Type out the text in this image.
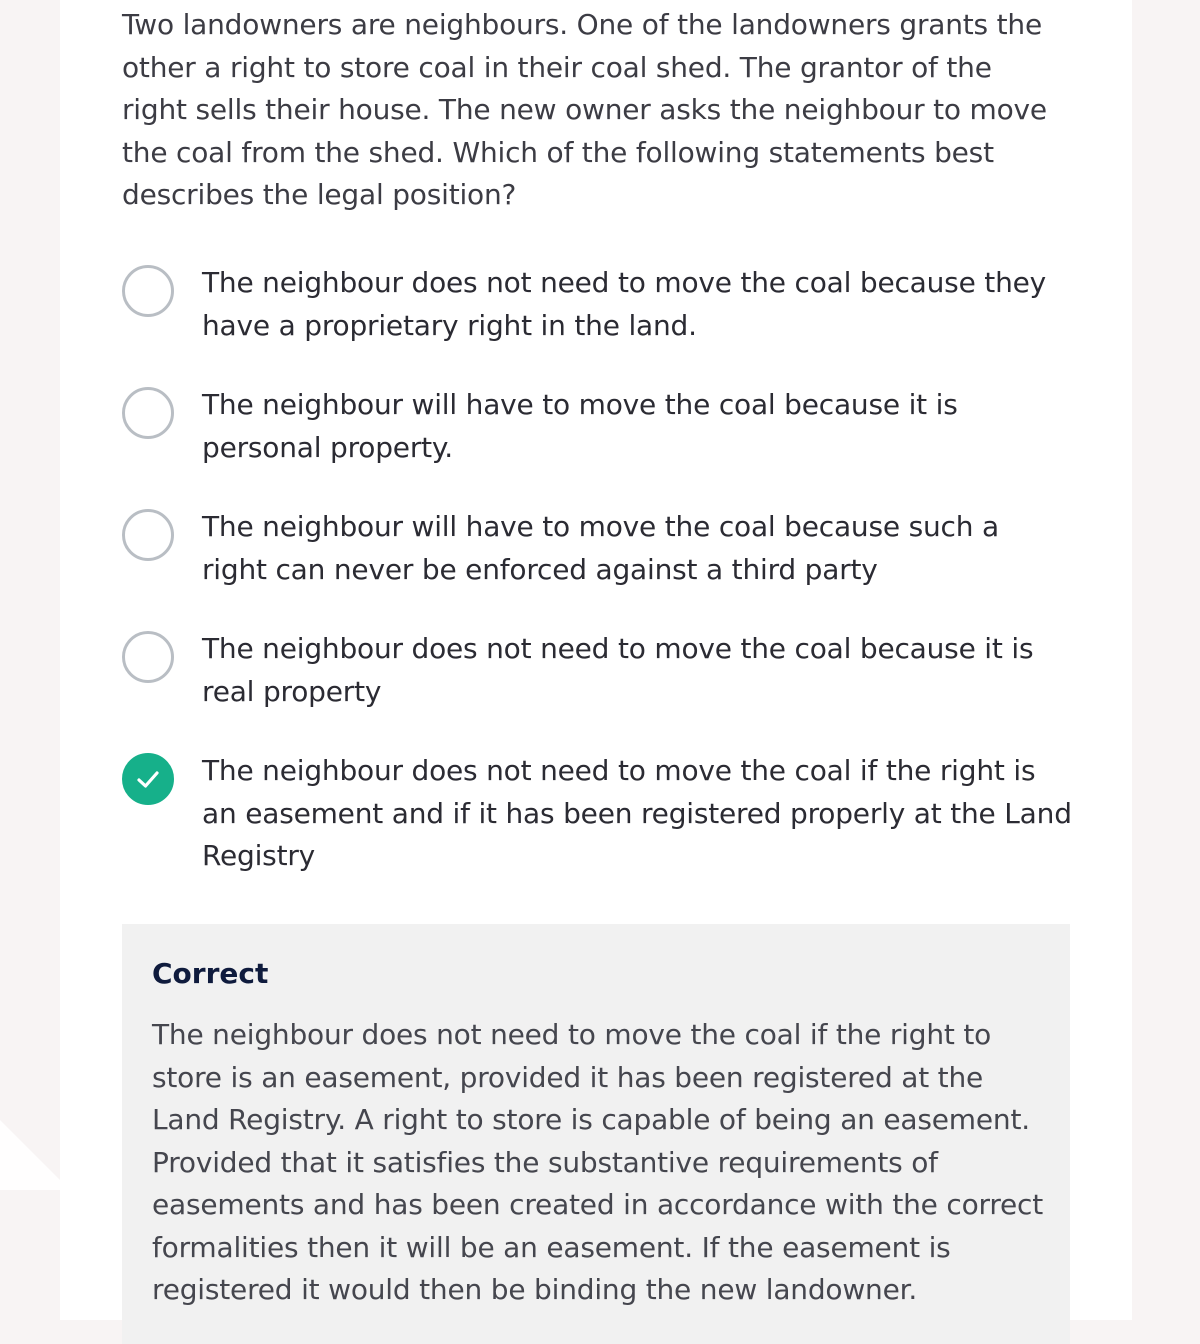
Two landowners are neighbours. One of the landowners grants the other a right to store coal in their coal shed. The grantor of the right sells their house. The new owner asks the neighbour to move the coal from the shed. Which of the following statements best describes the legal position?

The neighbour does not need to move the coal because they have a proprietary right in the land.
The neighbour will have to move the coal because it is personal property.
The neighbour will have to move the coal because such a right can never be enforced against a third party
The neighbour does not need to move the coal because it is real property
The neighbour does not need to move the coal if the right is an easement and if it has been registered properly at the Land Registry

Correct

The neighbour does not need to move the coal if the right to store is an easement, provided it has been registered at the Land Registry. A right to store is capable of being an easement. Provided that it satisfies the substantive requirements of easements and has been created in accordance with the correct formalities then it will be an easement. If the easement is registered it would then be binding the new landowner.
